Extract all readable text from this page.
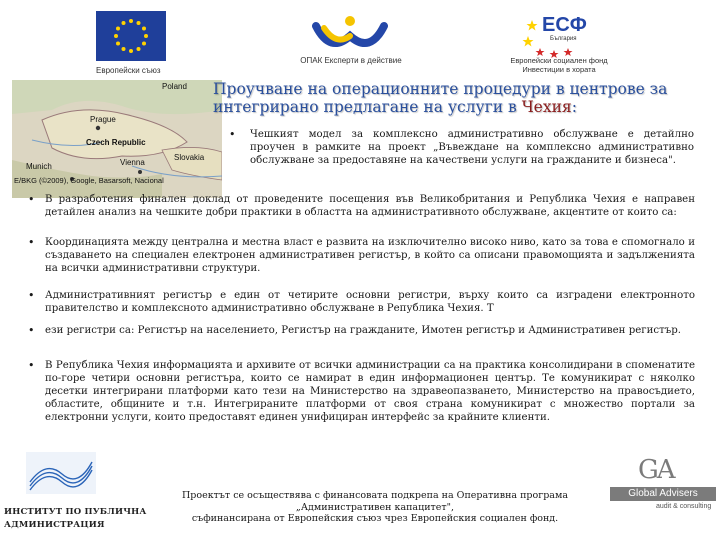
Европейски съюз
ОПАК Експерти в действие
ЕСФ
България
Европейски социален фонд
Инвестиции в хората
Poland
Prague
Czech Republic
Slovakia
Munich	Vienna
E/BKG (©2009), Google, Basarsoft, Nacional
Проучване на операционните процедури в центрове за интегрирано предлагане на услуги в Чехия:
• Чешкият модел за комплексно административно обслужване е детайлно проучен в рамките на проект „Въвеждане на комплексно административно обслужване за предоставяне на качествени услуги на гражданите и бизнеса".
• В разработения финален доклад от проведените посещения във Великобритания и Република Чехия е направен детайлен анализ на чешките добри практики в областта на административното обслужване, акцентите от които са:
• Координацията между централна и местна власт е развита на изключително високо ниво, като за това е спомогнало и създаването на специален електронен административен регистър, в който са описани правомощията и задълженията на всички административни структури.
• Административният регистър е един от четирите основни регистри, върху които са изградени електронното правителство и комплексното административно обслужване в Република Чехия. Т
• ези регистри са: Регистър на населението, Регистър на гражданите, Имотен регистър и Административен регистър.
• В Република Чехия информацията и архивите от всички администрации са на практика консолидирани в споменатите по-горе четири основни регистъра, които се намират в един информационен център. Те комуникират с няколко десетки интегрирани платформи като тези на Министерство на здравеопазването, Министерство на правосъдието, областите, общините и т.н. Интегрираните платформи от своя страна комуникират с множество портали за електронни услуги, които предоставят единен унифициран интерфейс за крайните клиенти.
ИНСТИТУТ ПО ПУБЛИЧНА
АДМИНИСТРАЦИЯ
Проектът се осъществява с финансовата подкрепа на Оперативна програма
„Административен капацитет",
съфинансирана от Европейския съюз чрез Европейския социален фонд.
GA
Global Advisers
audit & consulting
